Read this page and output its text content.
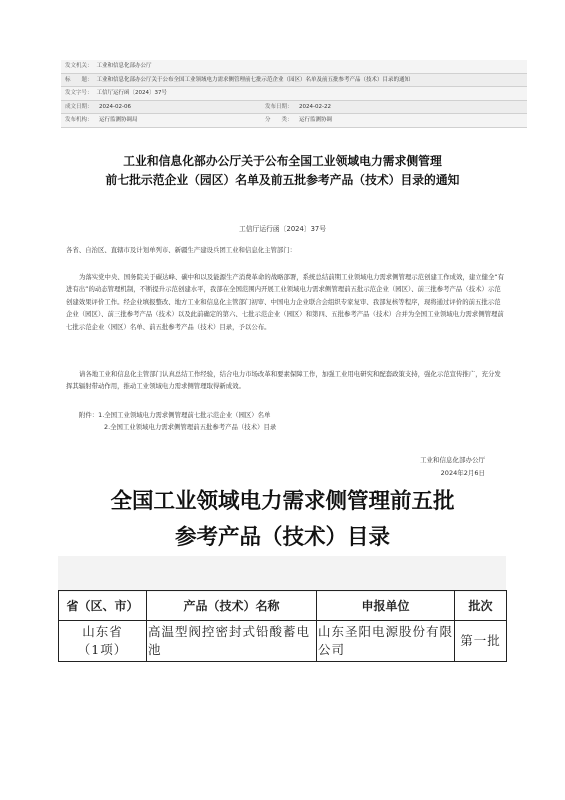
发文机关： 工业和信息化部办公厅
标　　题： 工业和信息化部办公厅关于公布全国工业领域电力需求侧管理前七批示范企业（园区）名单及前五批参考产品（技术）目录的通知
发文字号： 工信厅运行函〔2024〕37号
成文日期： 2024-02-06	发布日期： 2024-02-22
发布机构： 运行监测协调局	分　　类： 运行监测协调
工业和信息化部办公厅关于公布全国工业领域电力需求侧管理
前七批示范企业（园区）名单及前五批参考产品（技术）目录的通知
工信厅运行函〔2024〕37号

各省、自治区、直辖市及计划单列市、新疆生产建设兵团工业和信息化主管部门：

为落实党中央、国务院关于碳达峰、碳中和以及能源生产消费革命的战略部署，系统总结前期工业领域电力需求侧管理示范创建工作成效，建立健全“有进有出”的动态管理机制，不断提升示范创建水平，我部在全国范围内开展工业领域电力需求侧管理前五批示范企业（园区）、前三批参考产品（技术）示范创建效果评价工作。经企业填报整改、地方工业和信息化主管部门初审、中国电力企业联合会组织专家复审、我部复核等程序，现将通过评价的前五批示范企业（园区）、前三批参考产品（技术）以及此前确定的第六、七批示范企业（园区）和第四、五批参考产品（技术）合并为全国工业领域电力需求侧管理前七批示范企业（园区）名单、前五批参考产品（技术）目录，予以公布。

请各地工业和信息化主管部门认真总结工作经验，结合电力市场改革和要素保障工作，加强工业用电研究和配套政策支持，强化示范宣传推广，充分发挥其辐射带动作用，推动工业领域电力需求侧管理取得新成效。

附件：1.全国工业领域电力需求侧管理前七批示范企业（园区）名单
2.全国工业领域电力需求侧管理前五批参考产品（技术）目录
工业和信息化部办公厅
2024年2月6日
全国工业领域电力需求侧管理前五批
参考产品（技术）目录
省（区、市）	产品（技术）名称	申报单位	批次

山东省
（1项）	高温型阀控密封式铅酸蓄电池	山东圣阳电源股份有限公司	第一批
